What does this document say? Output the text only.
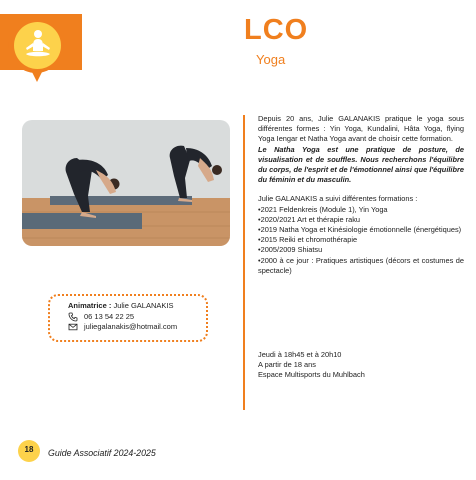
LCO
Yoga

Depuis 20 ans, Julie GALANAKIS pratique le yoga sous différentes formes : Yin Yoga, Kundalini, Hâta Yoga, flying Yoga Iengar et Natha Yoga avant de choisir cette formation.

Le Natha Yoga est une pratique de posture, de visualisation et de souffles. Nous recherchons l'équilibre du corps, de l'esprit et de l'émotionnel ainsi que l'équilibre du féminin et du masculin.

Julie GALANAKIS a suivi différentes formations :

•2021 Feldenkreis (Module 1), Yin Yoga
•2020/2021 Art et thérapie raku
•2019 Natha Yoga et Kinésiologie émotionnelle (énergétiques)
•2015 Reiki et chromothérapie
•2005/2009 Shiatsu
•2000 à ce jour : Pratiques artistiques (décors et costumes de spectacle)
Jeudi à 18h45 et à 20h10
A partir de 18 ans
Espace Multisports du Muhlbach
Animatrice :
Julie GALANAKIS
06 13 54 22 25
juliegalanakis@hotmail.com
18	Guide Associatif 2024-2025
